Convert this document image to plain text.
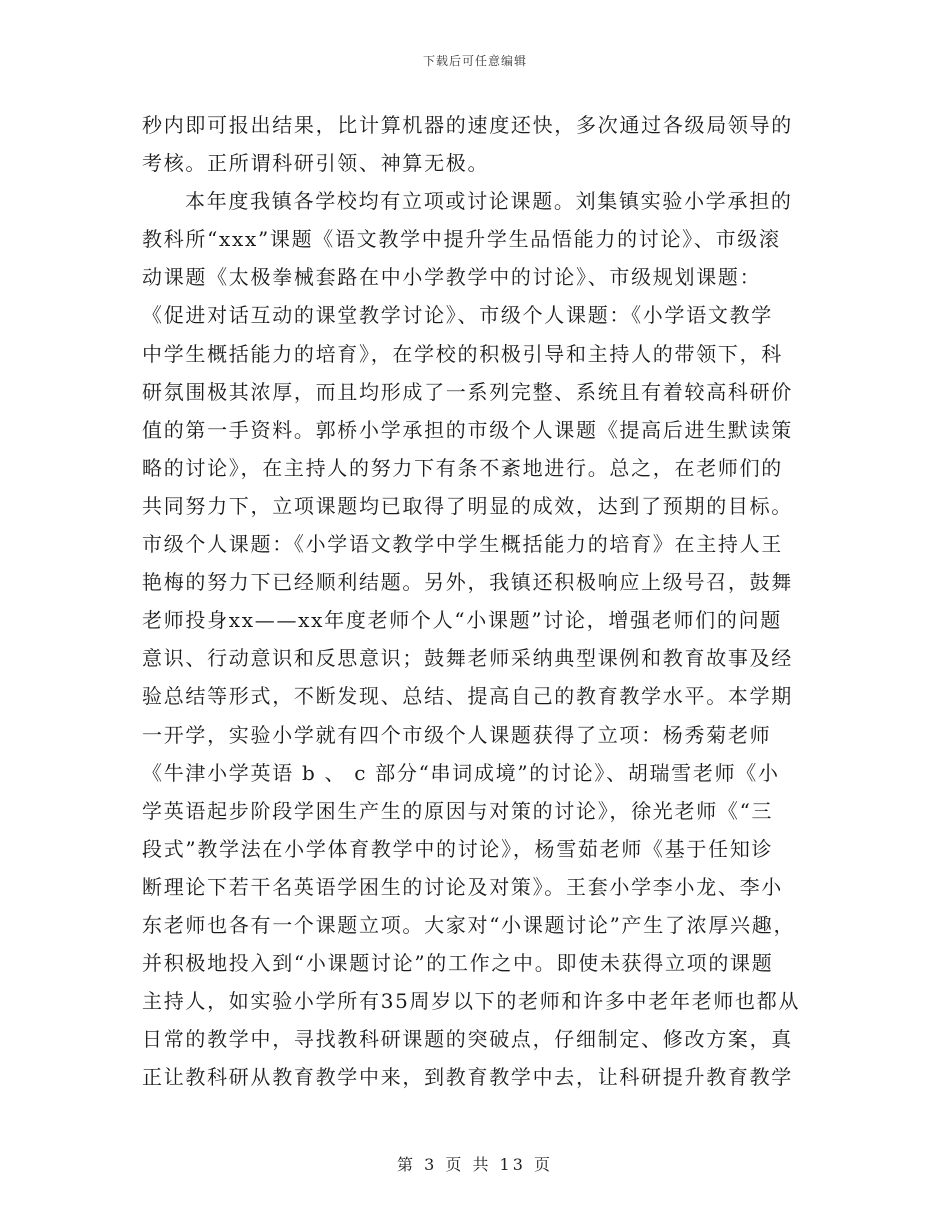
下载后可任意编辑
秒内即可报出结果，比计算机器的速度还快，多次通过各级局领导的
考核。正所谓科研引领、神算无极。
本年度我镇各学校均有立项或讨论课题。刘集镇实验小学承担的
教科所“xxx”课题《语文教学中提升学生品悟能力的讨论》、市级滚
动课题《太极拳械套路在中小学教学中的讨论》、市级规划课题：
《促进对话互动的课堂教学讨论》、市级个人课题：《小学语文教学
中学生概括能力的培育》，在学校的积极引导和主持人的带领下，科
研氛围极其浓厚，而且均形成了一系列完整、系统且有着较高科研价
值的第一手资料。郭桥小学承担的市级个人课题《提高后进生默读策
略的讨论》，在主持人的努力下有条不紊地进行。总之，在老师们的
共同努力下，立项课题均已取得了明显的成效，达到了预期的目标。
市级个人课题：《小学语文教学中学生概括能力的培育》在主持人王
艳梅的努力下已经顺利结题。另外，我镇还积极响应上级号召，鼓舞
老师投身xx——xx年度老师个人“小课题”讨论，增强老师们的问题
意识、行动意识和反思意识；鼓舞老师采纳典型课例和教育故事及经
验总结等形式，不断发现、总结、提高自己的教育教学水平。本学期
一开学，实验小学就有四个市级个人课题获得了立项：杨秀菊老师
《牛津小学英语 b 、 c 部分“串词成境”的讨论》、胡瑞雪老师《小
学英语起步阶段学困生产生的原因与对策的讨论》，徐光老师《“三
段式”教学法在小学体育教学中的讨论》，杨雪茹老师《基于任知诊
断理论下若干名英语学困生的讨论及对策》。王套小学李小龙、李小
东老师也各有一个课题立项。大家对“小课题讨论”产生了浓厚兴趣，
并积极地投入到“小课题讨论”的工作之中。即使未获得立项的课题
主持人，如实验小学所有35周岁以下的老师和许多中老年老师也都从
日常的教学中，寻找教科研课题的突破点，仔细制定、修改方案，真
正让教科研从教育教学中来，到教育教学中去，让科研提升教育教学
第 3 页 共 13 页
